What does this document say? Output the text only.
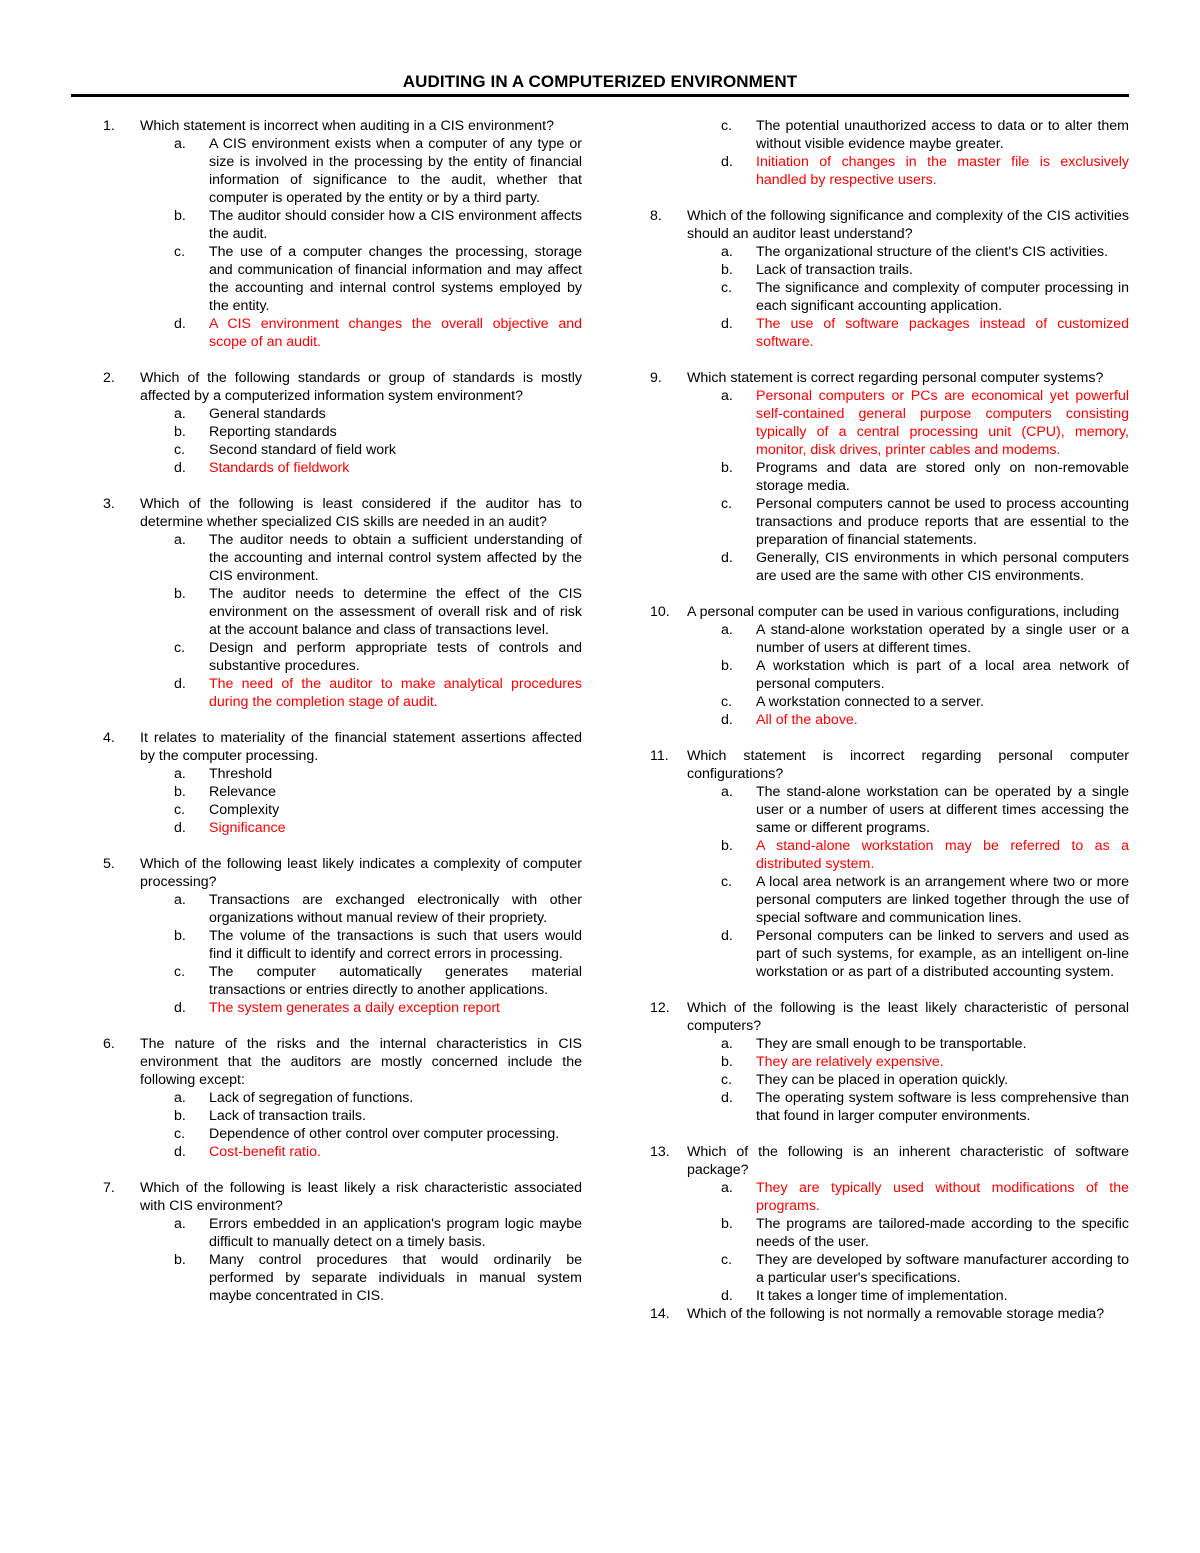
AUDITING IN A COMPUTERIZED ENVIRONMENT
1.	Which statement is incorrect when auditing in a CIS environment?
a.	A CIS environment exists when a computer of any type or size is involved in the processing by the entity of financial information of significance to the audit, whether that computer is operated by the entity or by a third party.
b.	The auditor should consider how a CIS environment affects the audit.
c.	The use of a computer changes the processing, storage and communication of financial information and may affect the accounting and internal control systems employed by the entity.
d.	A CIS environment changes the overall objective and scope of an audit.
2.	Which of the following standards or group of standards is mostly affected by a computerized information system environment?
a.	General standards
b.	Reporting standards
c.	Second standard of field work
d.	Standards of fieldwork
3.	Which of the following is least considered if the auditor has to determine whether specialized CIS skills are needed in an audit?
a.	The auditor needs to obtain a sufficient understanding of the accounting and internal control system affected by the CIS environment.
b.	The auditor needs to determine the effect of the CIS environment on the assessment of overall risk and of risk at the account balance and class of transactions level.
c.	Design and perform appropriate tests of controls and substantive procedures.
d.	The need of the auditor to make analytical procedures during the completion stage of audit.
4.	It relates to materiality of the financial statement assertions affected by the computer processing.
a.	Threshold
b.	Relevance
c.	Complexity
d.	Significance
5.	Which of the following least likely indicates a complexity of computer processing?
a.	Transactions are exchanged electronically with other organizations without manual review of their propriety.
b.	The volume of the transactions is such that users would find it difficult to identify and correct errors in processing.
c.	The computer automatically generates material transactions or entries directly to another applications.
d.	The system generates a daily exception report
6.	The nature of the risks and the internal characteristics in CIS environment that the auditors are mostly concerned include the following except:
a.	Lack of segregation of functions.
b.	Lack of transaction trails.
c.	Dependence of other control over computer processing.
d.	Cost-benefit ratio.
7.	Which of the following is least likely a risk characteristic associated with CIS environment?
a.	Errors embedded in an application's program logic maybe difficult to manually detect on a timely basis.
b.	Many control procedures that would ordinarily be performed by separate individuals in manual system maybe concentrated in CIS.
c.	The potential unauthorized access to data or to alter them without visible evidence maybe greater.
d.	Initiation of changes in the master file is exclusively handled by respective users.
8.	Which of the following significance and complexity of the CIS activities should an auditor least understand?
a.	The organizational structure of the client's CIS activities.
b.	Lack of transaction trails.
c.	The significance and complexity of computer processing in each significant accounting application.
d.	The use of software packages instead of customized software.
9.	Which statement is correct regarding personal computer systems?
a.	Personal computers or PCs are economical yet powerful self-contained general purpose computers consisting typically of a central processing unit (CPU), memory, monitor, disk drives, printer cables and modems.
b.	Programs and data are stored only on non-removable storage media.
c.	Personal computers cannot be used to process accounting transactions and produce reports that are essential to the preparation of financial statements.
d.	Generally, CIS environments in which personal computers are used are the same with other CIS environments.
10.	A personal computer can be used in various configurations, including
a.	A stand-alone workstation operated by a single user or a number of users at different times.
b.	A workstation which is part of a local area network of personal computers.
c.	A workstation connected to a server.
d.	All of the above.
11.	Which statement is incorrect regarding personal computer configurations?
a.	The stand-alone workstation can be operated by a single user or a number of users at different times accessing the same or different programs.
b.	A stand-alone workstation may be referred to as a distributed system.
c.	A local area network is an arrangement where two or more personal computers are linked together through the use of special software and communication lines.
d.	Personal computers can be linked to servers and used as part of such systems, for example, as an intelligent on-line workstation or as part of a distributed accounting system.
12.	Which of the following is the least likely characteristic of personal computers?
a.	They are small enough to be transportable.
b.	They are relatively expensive.
c.	They can be placed in operation quickly.
d.	The operating system software is less comprehensive than that found in larger computer environments.
13.	Which of the following is an inherent characteristic of software package?
a.	They are typically used without modifications of the programs.
b.	The programs are tailored-made according to the specific needs of the user.
c.	They are developed by software manufacturer according to a particular user's specifications.
d.	It takes a longer time of implementation.
14.	Which of the following is not normally a removable storage media?
